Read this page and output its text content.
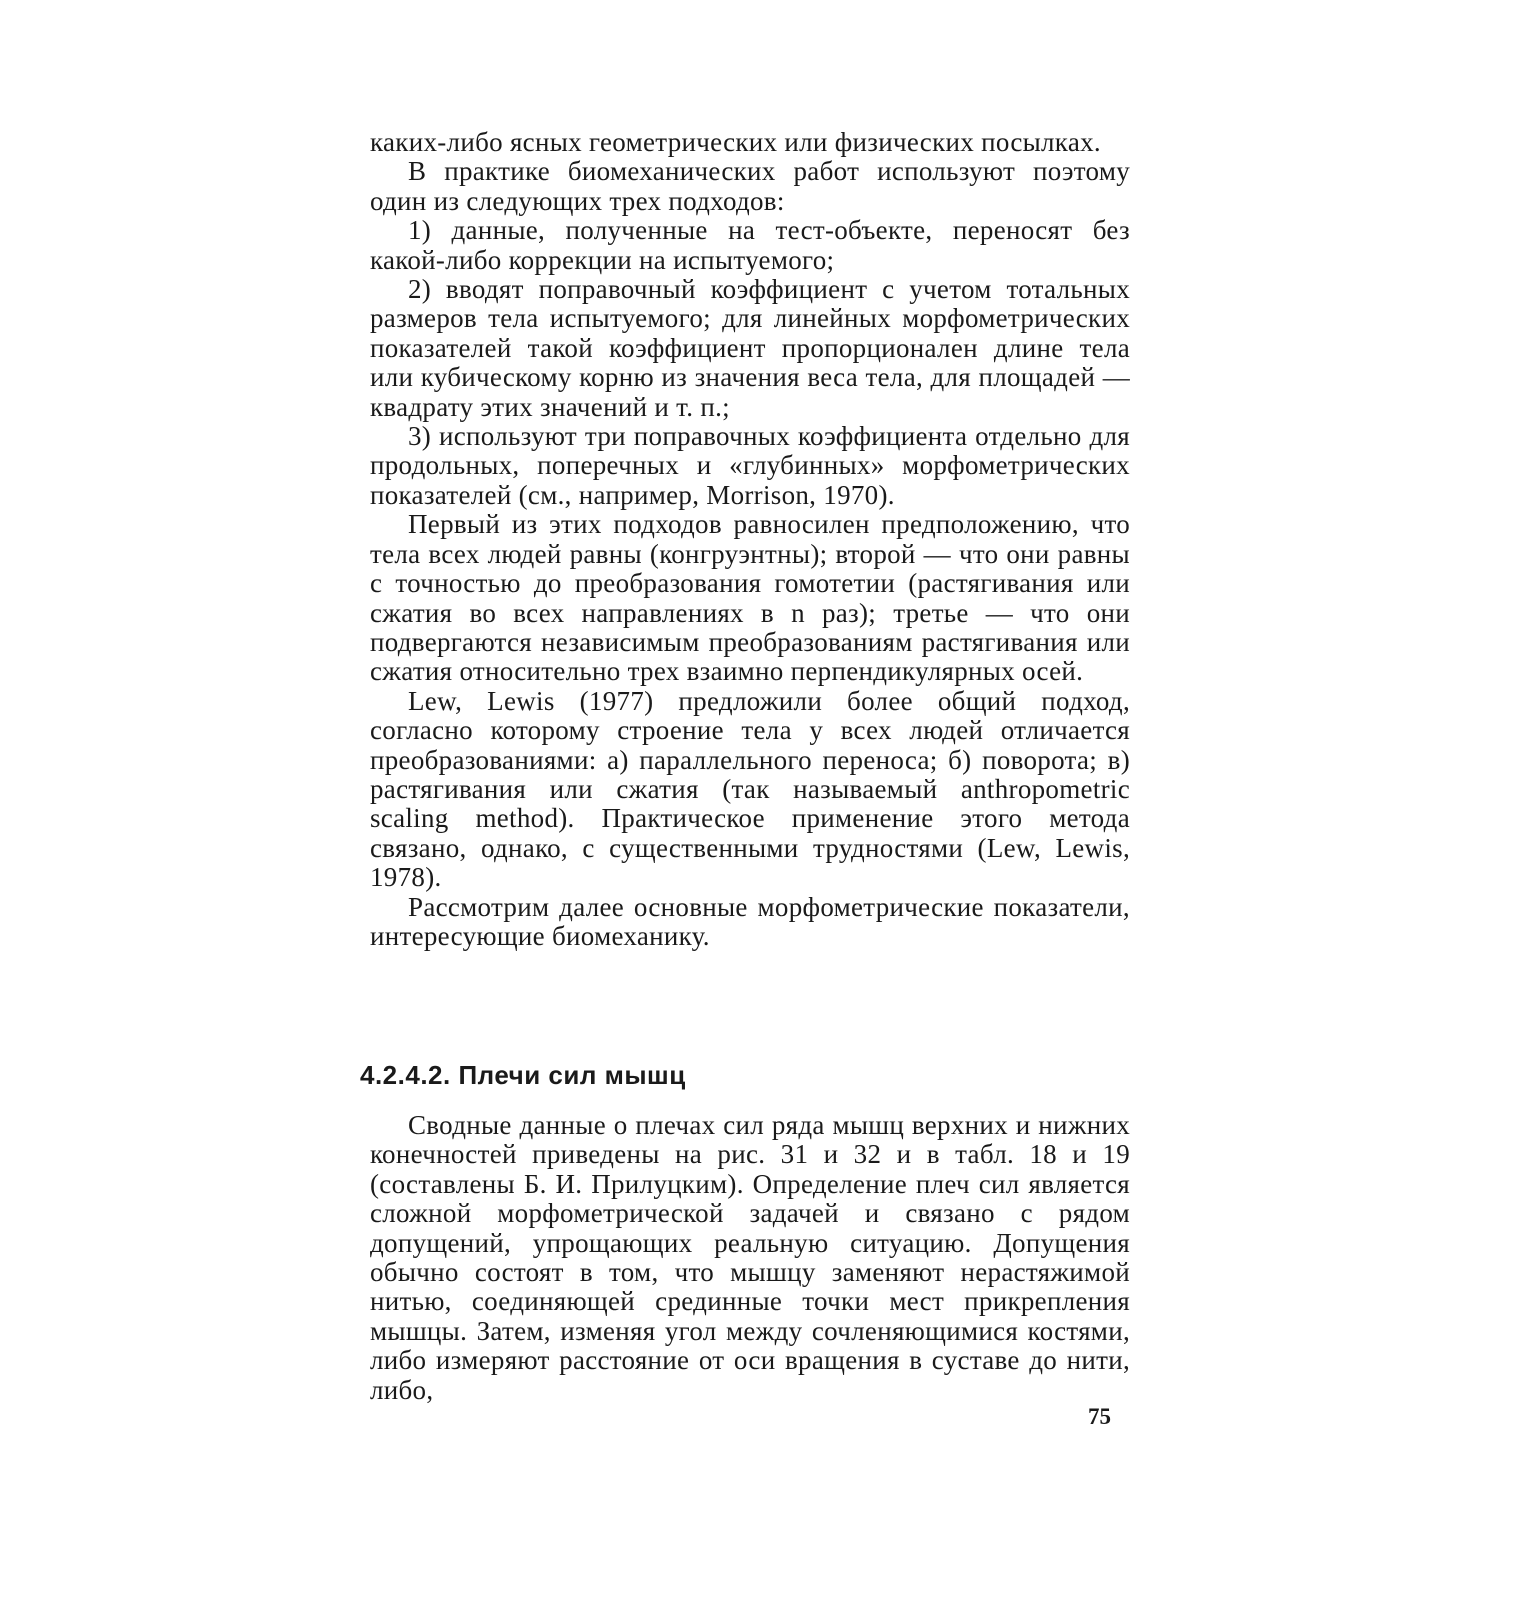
каких-либо ясных геометрических или физических посылках.

В практике биомеханических работ используют поэтому один из следующих трех подходов:

1) данные, полученные на тест-объекте, переносят без какой-либо коррекции на испытуемого;

2) вводят поправочный коэффициент с учетом тотальных размеров тела испытуемого; для линейных морфометрических показателей такой коэффициент пропорционален длине тела или кубическому корню из значения веса тела, для площадей — квадрату этих значений и т. п.;

3) используют три поправочных коэффициента отдельно для продольных, поперечных и «глубинных» морфометрических показателей (см., например, Morrison, 1970).

Первый из этих подходов равносилен предположению, что тела всех людей равны (конгруэнтны); второй — что они равны с точностью до преобразования гомотетии (растягивания или сжатия во всех направлениях в n раз); третье — что они подвергаются независимым преобразованиям растягивания или сжатия относительно трех взаимно перпендикулярных осей.

Lew, Lewis (1977) предложили более общий подход, согласно которому строение тела у всех людей отличается преобразованиями: а) параллельного переноса; б) поворота; в) растягивания или сжатия (так называемый anthropometric scaling method). Практическое применение этого метода связано, однако, с существенными трудностями (Lew, Lewis, 1978).

Рассмотрим далее основные морфометрические показатели, интересующие биомеханику.

4.2.4.2. Плечи сил мышц

Сводные данные о плечах сил ряда мышц верхних и нижних конечностей приведены на рис. 31 и 32 и в табл. 18 и 19 (составлены Б. И. Прилуцким). Определение плеч сил является сложной морфометрической задачей и связано с рядом допущений, упрощающих реальную ситуацию. Допущения обычно состоят в том, что мышцу заменяют нерастяжимой нитью, соединяющей срединные точки мест прикрепления мышцы. Затем, изменяя угол между сочленяющимися костями, либо измеряют расстояние от оси вращения в суставе до нити, либо,

75
